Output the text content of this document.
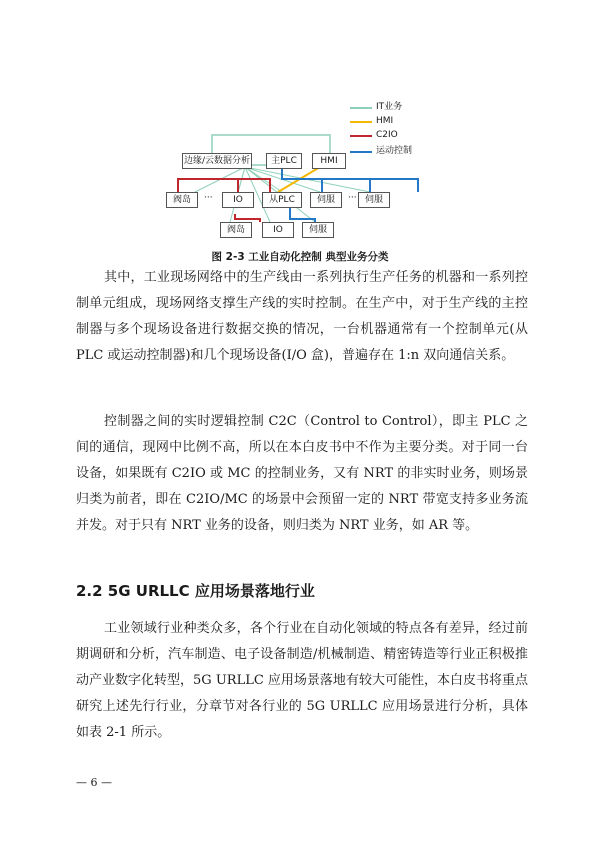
边缘/云数据分析	主PLC	HMI
阀岛	···	IO	从PLC	伺服	··· 伺服
阀岛	IO	伺服
IT业务
HMI
C2IO
运动控制
图 2-3 工业自动化控制 典型业务分类

其中，工业现场网络中的生产线由一系列执行生产任务的机器和一系列控制单元组成，现场网络支撑生产线的实时控制。在生产中，对于生产线的主控制器与多个现场设备进行数据交换的情况，一台机器通常有一个控制单元(从 PLC 或运动控制器)和几个现场设备(I/O 盒)，普遍存在 1:n 双向通信关系。

控制器之间的实时逻辑控制 C2C（Control to Control），即主 PLC 之间的通信，现网中比例不高，所以在本白皮书中不作为主要分类。对于同一台设备，如果既有 C2IO 或 MC 的控制业务，又有 NRT 的非实时业务，则场景归类为前者，即在 C2IO/MC 的场景中会预留一定的 NRT 带宽支持多业务流并发。对于只有 NRT 业务的设备，则归类为 NRT 业务，如 AR 等。

2.2 5G URLLC 应用场景落地行业

工业领域行业种类众多，各个行业在自动化领域的特点各有差异，经过前期调研和分析，汽车制造、电子设备制造/机械制造、精密铸造等行业正积极推动产业数字化转型，5G URLLC 应用场景落地有较大可能性，本白皮书将重点研究上述先行行业，分章节对各行业的 5G URLLC 应用场景进行分析，具体如表 2-1 所示。

— 6 —
